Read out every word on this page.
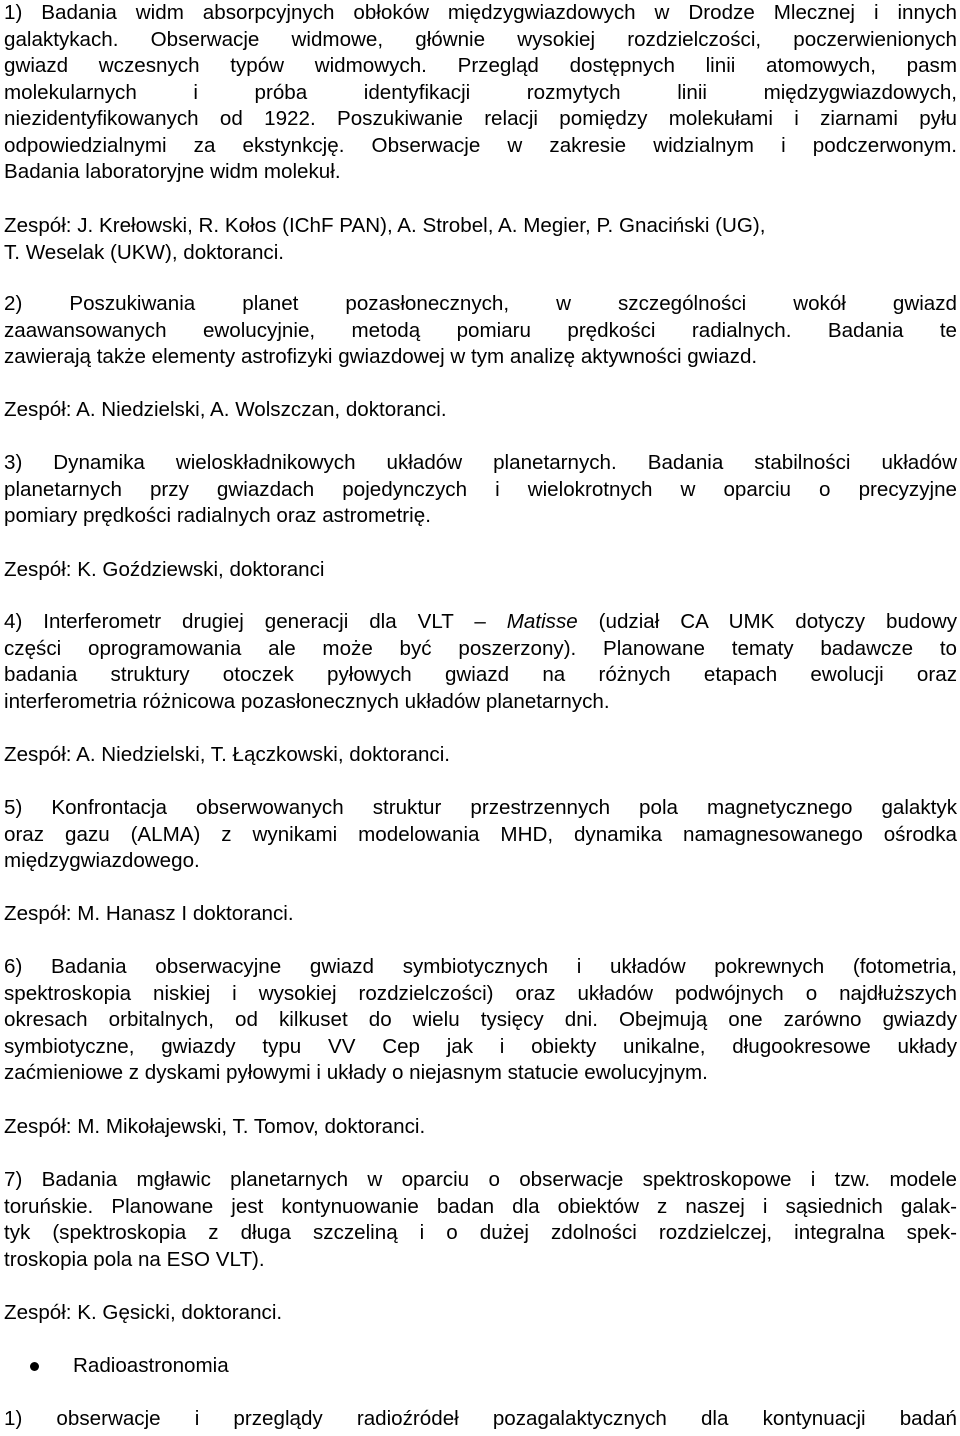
1) Badania widm absorpcyjnych obłoków międzygwiazdowych w Drodze Mlecznej i innych

galaktykach. Obserwacje widmowe, głównie wysokiej rozdzielczości, poczerwienionych

gwiazd wczesnych typów widmowych. Przegląd dostępnych linii atomowych, pasm

molekularnych i próba identyfikacji rozmytych linii międzygwiazdowych,

niezidentyfikowanych od 1922. Poszukiwanie relacji pomiędzy molekułami i ziarnami pyłu

odpowiedzialnymi za ekstynkcję. Obserwacje w zakresie widzialnym i podczerwonym.

Badania laboratoryjne widm molekuł.

Zespół: J. Krełowski, R. Kołos (IChF PAN), A. Strobel, A. Megier, P. Gnaciński (UG),

T. Weselak (UKW), doktoranci.

2) Poszukiwania planet pozasłonecznych, w szczególności wokół gwiazd

zaawansowanych ewolucyjnie, metodą pomiaru prędkości radialnych. Badania te

zawierają także elementy astrofizyki gwiazdowej w tym analizę aktywności gwiazd.

Zespół: A. Niedzielski, A. Wolszczan, doktoranci.

3) Dynamika wieloskładnikowych układów planetarnych. Badania stabilności układów

planetarnych przy gwiazdach pojedynczych i wielokrotnych w oparciu o precyzyjne

pomiary prędkości radialnych oraz astrometrię.

Zespół: K. Goździewski, doktoranci

4) Interferometr drugiej generacji dla VLT – Matisse (udział CA UMK dotyczy budowy

części oprogramowania ale może być poszerzony). Planowane tematy badawcze to

badania struktury otoczek pyłowych gwiazd na różnych etapach ewolucji oraz

interferometria różnicowa pozasłonecznych układów planetarnych.

Zespół: A. Niedzielski, T. Łączkowski, doktoranci.

5) Konfrontacja obserwowanych struktur przestrzennych pola magnetycznego galaktyk

oraz gazu (ALMA) z wynikami modelowania MHD, dynamika namagnesowanego ośrodka

międzygwiazdowego.

Zespół: M. Hanasz I doktoranci.

6) Badania obserwacyjne gwiazd symbiotycznych i układów pokrewnych (fotometria,

spektroskopia niskiej i wysokiej rozdzielczości) oraz układów podwójnych o najdłuższych

okresach orbitalnych, od kilkuset do wielu tysięcy dni. Obejmują one zarówno gwiazdy

symbiotyczne, gwiazdy typu VV Cep jak i obiekty unikalne, długookresowe układy

zaćmieniowe z dyskami pyłowymi i układy o niejasnym statucie ewolucyjnym.

Zespół: M. Mikołajewski, T. Tomov, doktoranci.

7) Badania mgławic planetarnych w oparciu o obserwacje spektroskopowe i tzw. modele

toruńskie. Planowane jest kontynuowanie badan dla obiektów z naszej i sąsiednich galak-

tyk (spektroskopia z długa szczeliną i o dużej zdolności rozdzielczej, integralna spek-

troskopia pola na ESO VLT).

Zespół: K. Gęsicki, doktoranci.

Radioastronomia

1) obserwacje i przeglądy radioźródeł pozagalaktycznych dla kontynuacji badań
